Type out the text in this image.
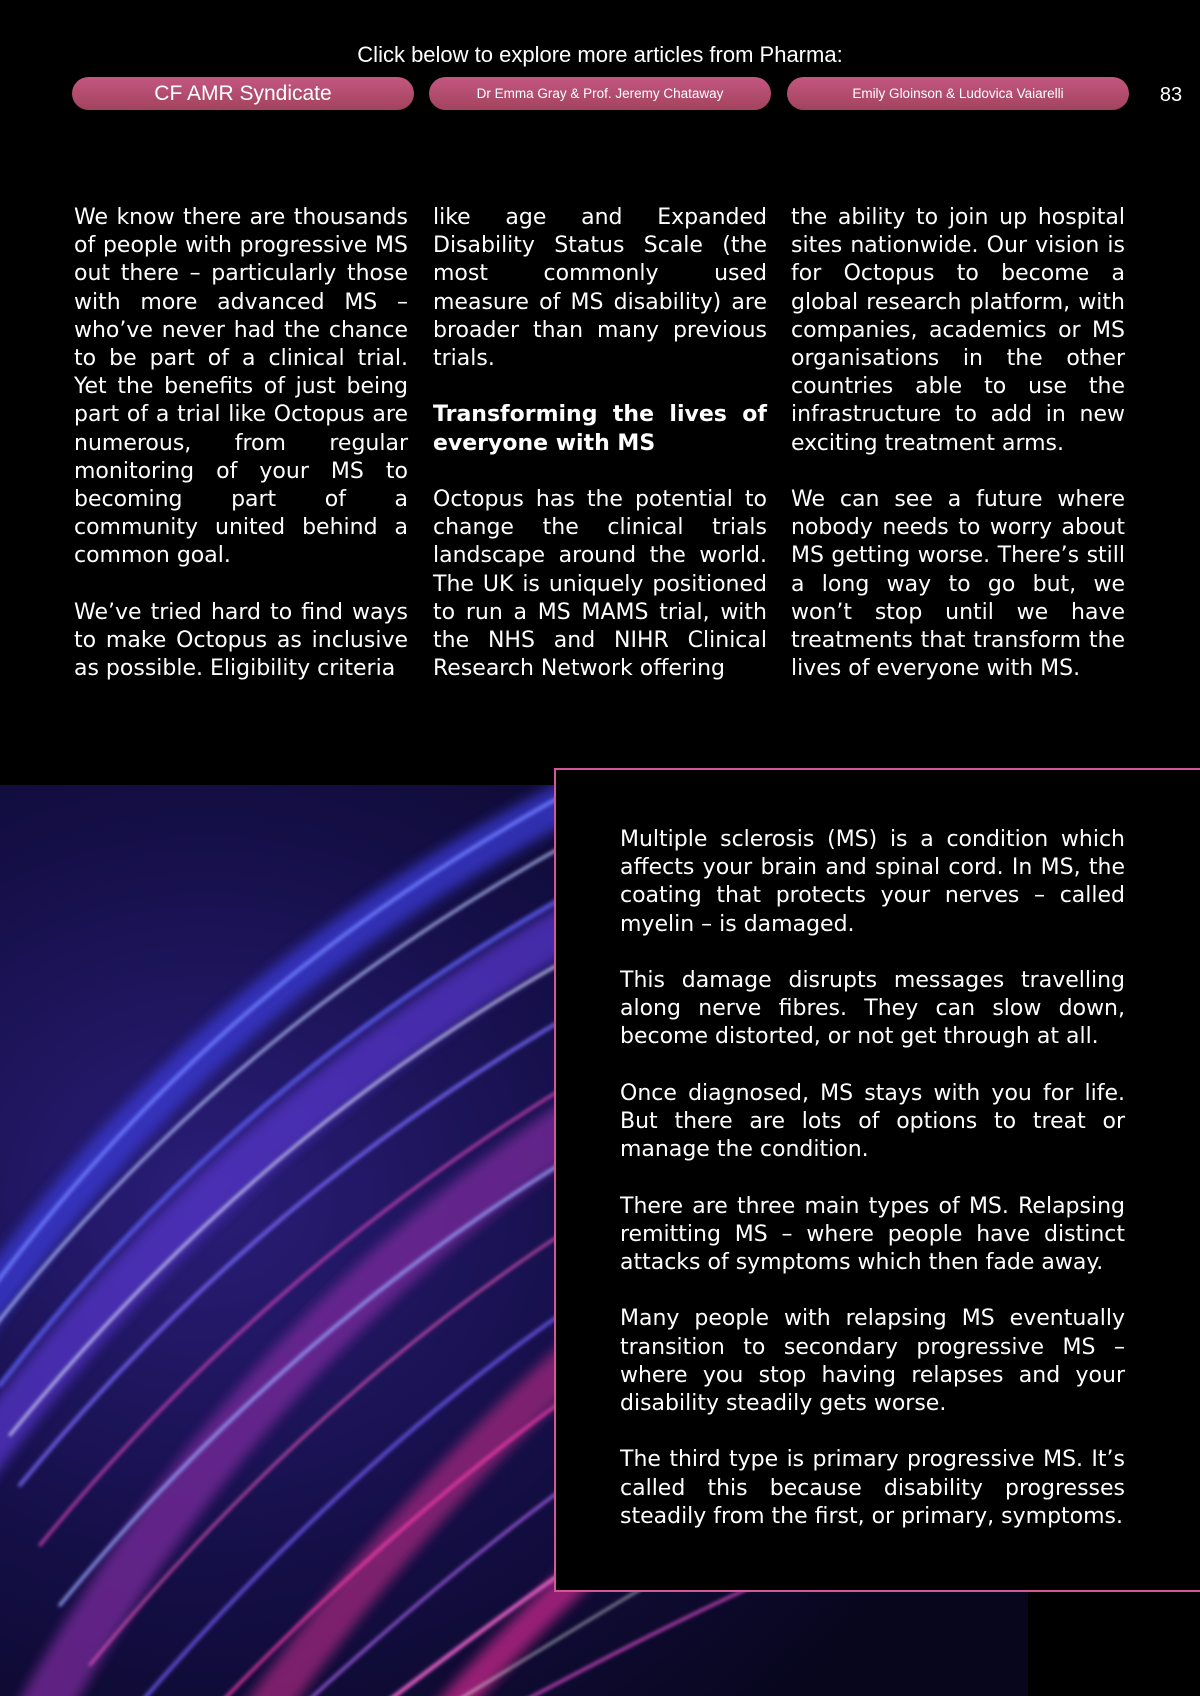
Click below to explore more articles from Pharma:
CF AMR Syndicate	Dr Emma Gray & Prof. Jeremy Chataway	Emily Gloinson & Ludovica Vaiarelli	83

We know there are thousands of people with progressive MS out there – particularly those with more advanced MS – who’ve never had the chance to be part of a clinical trial. Yet the benefits of just being part of a trial like Octopus are numerous, from regular monitoring of your MS to becoming part of a community united behind a common goal.

We’ve tried hard to find ways to make Octopus as inclusive as possible. Eligibility criteria

like age and Expanded Disability Status Scale (the most commonly used measure of MS disability) are broader than many previous trials.

Transforming the lives of everyone with MS

Octopus has the potential to change the clinical trials landscape around the world. The UK is uniquely positioned to run a MS MAMS trial, with the NHS and NIHR Clinical Research Network offering

the ability to join up hospital sites nationwide. Our vision is for Octopus to become a global research platform, with companies, academics or MS organisations in the other countries able to use the infrastructure to add in new exciting treatment arms.

We can see a future where nobody needs to worry about MS getting worse. There’s still a long way to go but, we won’t stop until we have treatments that transform the lives of everyone with MS.

Multiple sclerosis (MS) is a condition which affects your brain and spinal cord. In MS, the coating that protects your nerves – called myelin – is damaged.

This damage disrupts messages travelling along nerve fibres. They can slow down, become distorted, or not get through at all.

Once diagnosed, MS stays with you for life. But there are lots of options to treat or manage the condition.

There are three main types of MS. Relapsing remitting MS – where people have distinct attacks of symptoms which then fade away.

Many people with relapsing MS eventually transition to secondary progressive MS – where you stop having relapses and your disability steadily gets worse.

The third type is primary progressive MS. It’s called this because disability progresses steadily from the first, or primary, symptoms.
